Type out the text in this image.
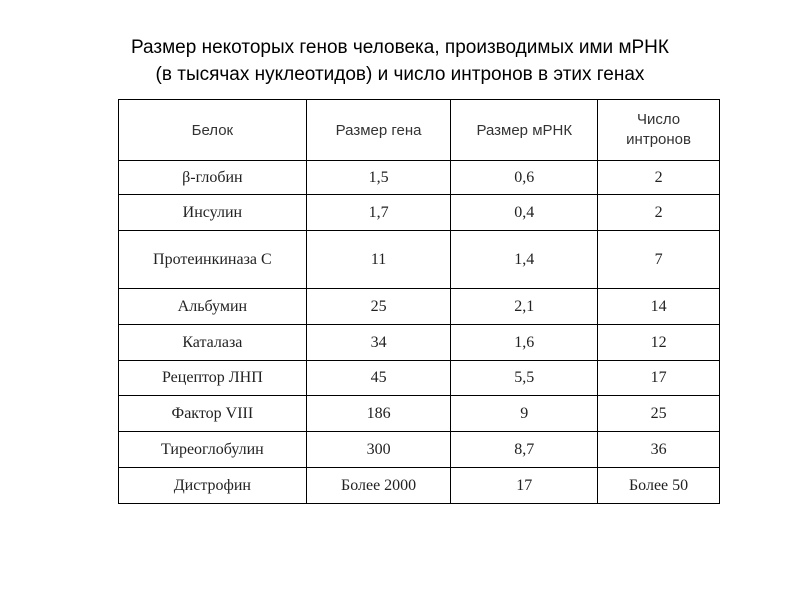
Размер некоторых генов человека, производимых ими мРНК
(в тысячах нуклеотидов) и число интронов в этих генах
Белок	Размер гена	Размер мРНК	Число интронов
β-глобин	1,5	0,6	2
Инсулин	1,7	0,4	2
Протеинкиназа С	11	1,4	7
Альбумин	25	2,1	14
Каталаза	34	1,6	12
Рецептор ЛНП	45	5,5	17
Фактор VIII	186	9	25
Тиреоглобулин	300	8,7	36
Дистрофин	Более 2000	17	Более 50
